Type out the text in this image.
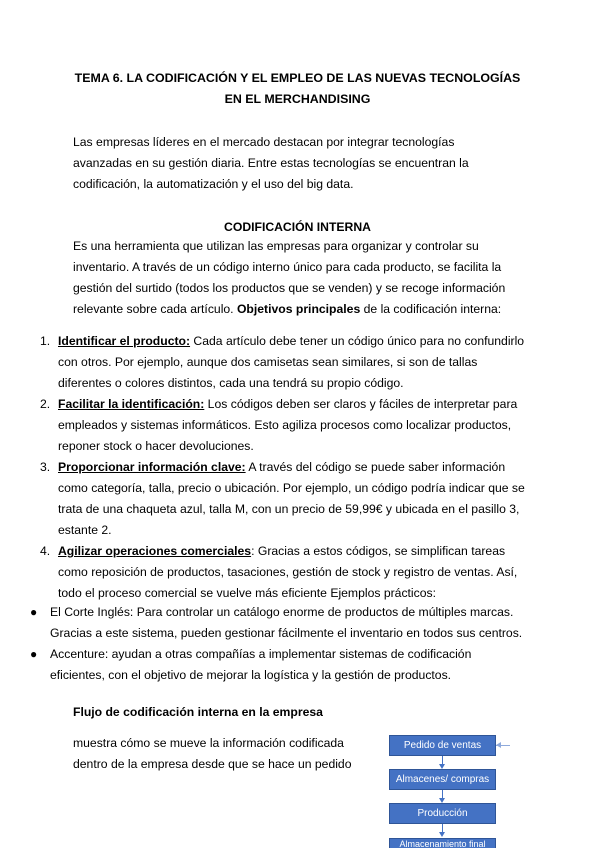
TEMA 6. LA CODIFICACIÓN Y EL EMPLEO DE LAS NUEVAS TECNOLOGÍAS
EN EL MERCHANDISING
Las empresas líderes en el mercado destacan por integrar tecnologías avanzadas en su gestión diaria. Entre estas tecnologías se encuentran la codificación, la automatización y el uso del big data.
CODIFICACIÓN INTERNA
Es una herramienta que utilizan las empresas para organizar y controlar su inventario. A través de un código interno único para cada producto, se facilita la gestión del surtido (todos los productos que se venden) y se recoge información relevante sobre cada artículo. Objetivos principales de la codificación interna:
1. Identificar el producto: Cada artículo debe tener un código único para no confundirlo con otros. Por ejemplo, aunque dos camisetas sean similares, si son de tallas diferentes o colores distintos, cada una tendrá su propio código.
2. Facilitar la identificación: Los códigos deben ser claros y fáciles de interpretar para empleados y sistemas informáticos. Esto agiliza procesos como localizar productos, reponer stock o hacer devoluciones.
3. Proporcionar información clave: A través del código se puede saber información como categoría, talla, precio o ubicación. Por ejemplo, un código podría indicar que se trata de una chaqueta azul, talla M, con un precio de 59,99€ y ubicada en el pasillo 3, estante 2.
4. Agilizar operaciones comerciales: Gracias a estos códigos, se simplifican tareas como reposición de productos, tasaciones, gestión de stock y registro de ventas. Así, todo el proceso comercial se vuelve más eficiente Ejemplos prácticos:
● El Corte Inglés: Para controlar un catálogo enorme de productos de múltiples marcas. Gracias a este sistema, pueden gestionar fácilmente el inventario en todos sus centros.
● Accenture: ayudan a otras compañías a implementar sistemas de codificación eficientes, con el objetivo de mejorar la logística y la gestión de productos.
Flujo de codificación interna en la empresa
muestra cómo se mueve la información codificada dentro de la empresa desde que se hace un pedido
Pedido de ventas
Almacenes/ compras
Producción
Almacenamiento final
